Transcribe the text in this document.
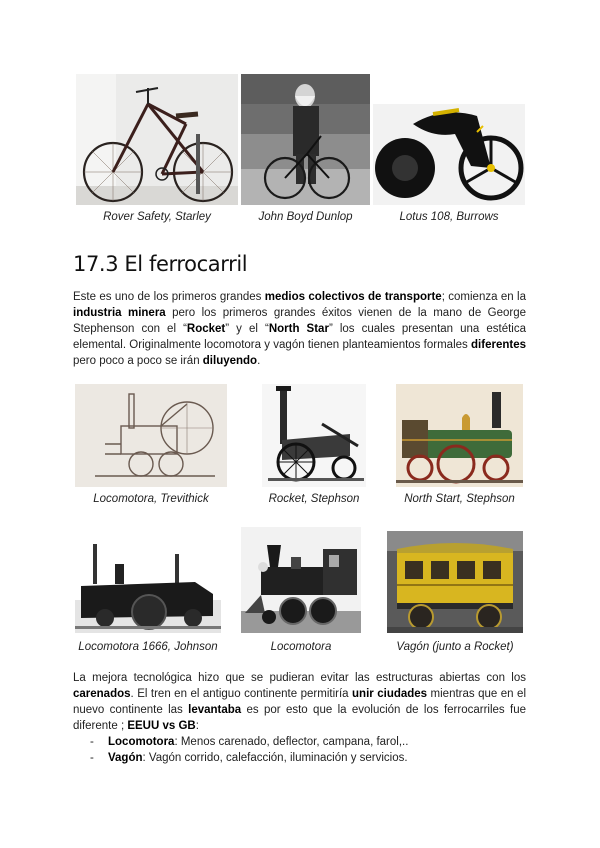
Rover Safety, Starley	John Boyd Dunlop	Lotus 108, Burrows
17.3 El ferrocarril

Este es uno de los primeros grandes medios colectivos de transporte; comienza en la industria minera pero los primeros grandes éxitos vienen de la mano de George Stephenson con el “Rocket” y el “North Star” los cuales presentan una estética elemental. Originalmente locomotora y vagón tienen planteamientos formales diferentes pero poco a poco se irán diluyendo.

Locomotora, Trevithick	Rocket, Stephson	North Start, Stephson
Locomotora 1666, Johnson	Locomotora	Vagón (junto a Rocket)

La mejora tecnológica hizo que se pudieran evitar las estructuras abiertas con los carenados. El tren en el antiguo continente permitiría unir ciudades mientras que en el nuevo continente las levantaba es por esto que la evolución de los ferrocarriles fue diferente ; EEUU vs GB:

- Locomotora: Menos carenado, deflector, campana, farol,..
- Vagón: Vagón corrido, calefacción, iluminación y servicios.
